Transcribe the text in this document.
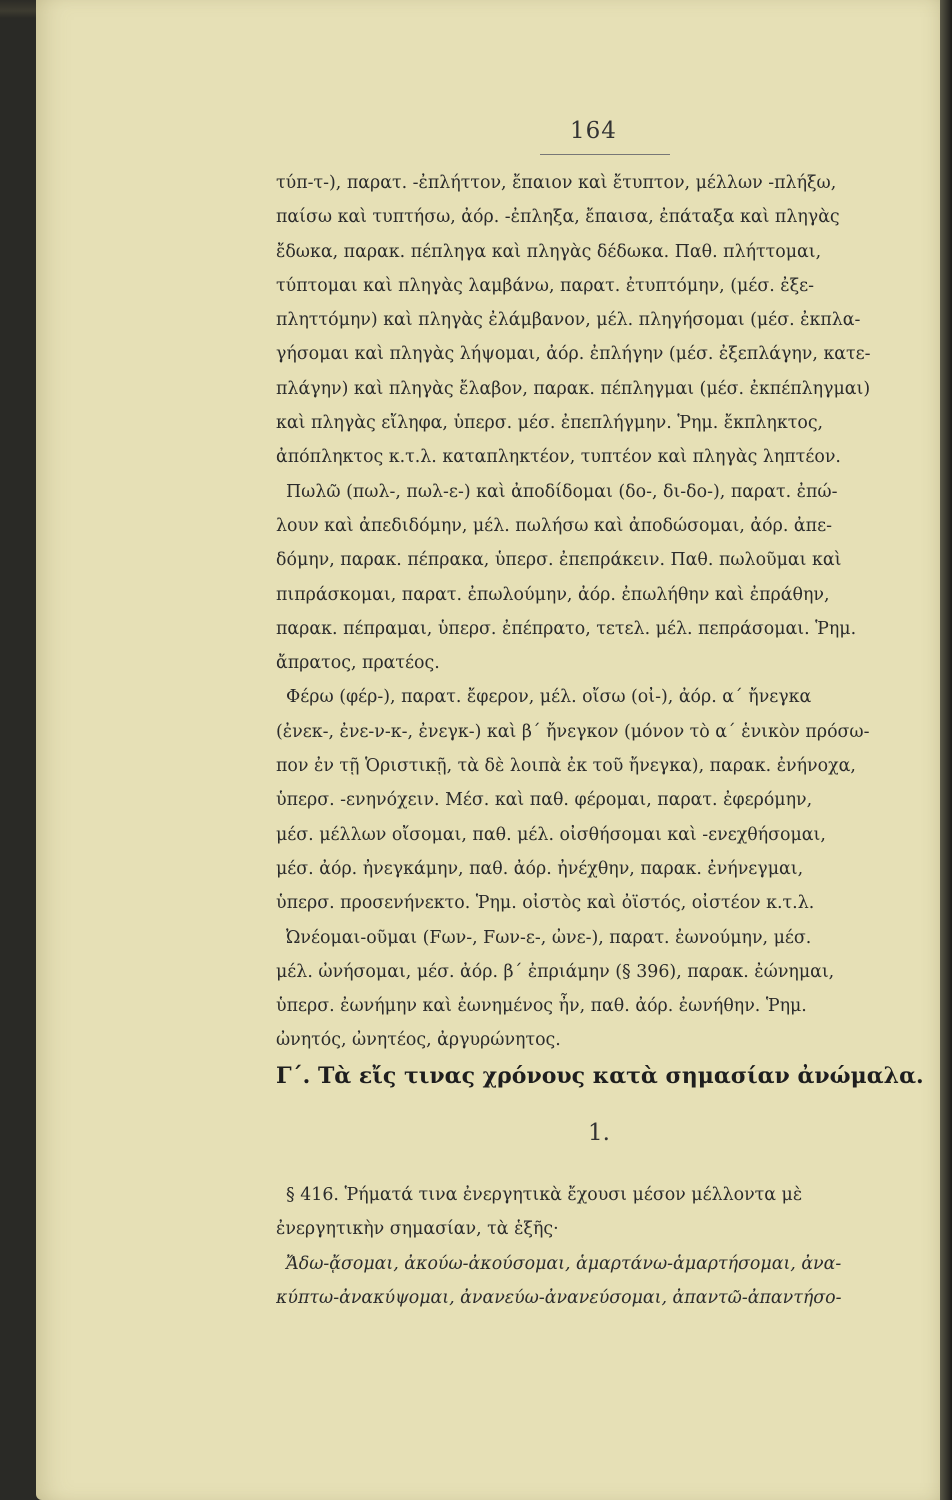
164
τύπ-τ-), παρατ. -ἐπλήττον, ἔπαιον καὶ ἔτυπτον, μέλλων -πλήξω,
παίσω καὶ τυπτήσω, ἀόρ. -ἐπληξα, ἔπαισα, ἐπάταξα καὶ πληγὰς
ἔδωκα, παρακ. πέπληγα καὶ πληγὰς δέδωκα. Παθ. πλήττομαι,
τύπτομαι καὶ πληγὰς λαμβάνω, παρατ. ἐτυπτόμην, (μέσ. ἐξε-
πληττόμην) καὶ πληγὰς ἐλάμβανον, μέλ. πληγήσομαι (μέσ. ἐκπλα-
γήσομαι καὶ πληγὰς λήψομαι, ἀόρ. ἐπλήγην (μέσ. ἐξεπλάγην, κατε-
πλάγην) καὶ πληγὰς ἔλαβον, παρακ. πέπληγμαι (μέσ. ἐκπέπληγμαι)
καὶ πληγὰς εἴληφα, ὑπερσ. μέσ. ἐπεπλήγμην. Ῥημ. ἔκπληκτος,
ἀπόπληκτος κ.τ.λ. καταπληκτέον, τυπτέον καὶ πληγὰς ληπτέον.
Πωλῶ (πωλ-, πωλ-ε-) καὶ ἀποδίδομαι (δο-, δι-δο-), παρατ. ἐπώ-
λουν καὶ ἀπεδιδόμην, μέλ. πωλήσω καὶ ἀποδώσομαι, ἀόρ. ἀπε-
δόμην, παρακ. πέπρακα, ὑπερσ. ἐπεπράκειν. Παθ. πωλοῦμαι καὶ
πιπράσκομαι, παρατ. ἐπωλούμην, ἀόρ. ἐπωλήθην καὶ ἐπράθην,
παρακ. πέπραμαι, ὑπερσ. ἐπέπρατο, τετελ. μέλ. πεπράσομαι. Ῥημ.
ἄπρατος, πρατέος.
Φέρω (φέρ-), παρατ. ἔφερον, μέλ. οἴσω (οἰ-), ἀόρ. α΄ ἤνεγκα
(ἐνεκ-, ἐνε-ν-κ-, ἐνεγκ-) καὶ β΄ ἤνεγκον (μόνον τὸ α΄ ἑνικὸν πρόσω-
πον ἐν τῇ Ὁριστικῇ, τὰ δὲ λοιπὰ ἐκ τοῦ ἤνεγκα), παρακ. ἐνήνοχα,
ὑπερσ. -ενηνόχειν. Μέσ. καὶ παθ. φέρομαι, παρατ. ἐφερόμην,
μέσ. μέλλων οἴσομαι, παθ. μέλ. οἰσθήσομαι καὶ -ενεχθήσομαι,
μέσ. ἀόρ. ἠνεγκάμην, παθ. ἀόρ. ἠνέχθην, παρακ. ἐνήνεγμαι,
ὑπερσ. προσενήνεκτο. Ῥημ. οἰστὸς καὶ ὀϊστός, οἰστέον κ.τ.λ.
Ὠνέομαι-οῦμαι (Fων-, Fων-ε-, ὠνε-), παρατ. ἐωνούμην, μέσ.
μέλ. ὠνήσομαι, μέσ. ἀόρ. β΄ ἐπριάμην (§ 396), παρακ. ἐώνημαι,
ὑπερσ. ἐωνήμην καὶ ἐωνημένος ἦν, παθ. ἀόρ. ἐωνήθην. Ῥημ.
ὠνητός, ὠνητέος, ἀργυρώνητος.
Γ΄. Τὰ εἴς τινας χρόνους κατὰ σημασίαν ἀνώμαλα.
1.
§ 416. Ῥήματά τινα ἐνεργητικὰ ἔχουσι μέσον μέλλοντα μὲ
ἐνεργητικὴν σημασίαν, τὰ ἑξῆς·
Ἄδω-ᾄσομαι, ἀκούω-ἀκούσομαι, ἁμαρτάνω-ἁμαρτήσομαι, ἀνα-
κύπτω-ἀνακύψομαι, ἀνανεύω-ἀνανεύσομαι, ἀπαντῶ-ἀπαντήσο-
